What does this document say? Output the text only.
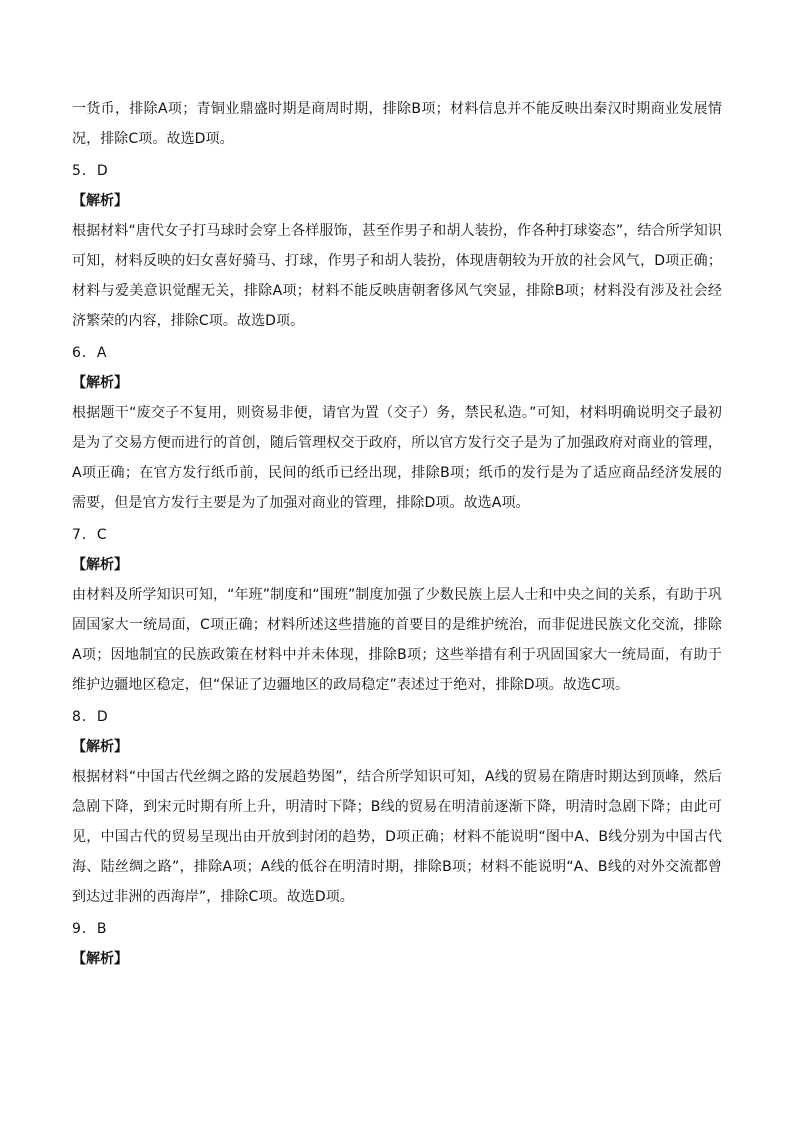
一货币，排除A项；青铜业鼎盛时期是商周时期，排除B项；材料信息并不能反映出秦汉时期商业发展情况，排除C项。故选D项。

5．D

【解析】

根据材料“唐代女子打马球时会穿上各样服饰，甚至作男子和胡人装扮，作各种打球姿态”，结合所学知识可知，材料反映的妇女喜好骑马、打球，作男子和胡人装扮，体现唐朝较为开放的社会风气，D项正确；材料与爱美意识觉醒无关，排除A项；材料不能反映唐朝奢侈风气突显，排除B项；材料没有涉及社会经济繁荣的内容，排除C项。故选D项。

6．A

【解析】

根据题干“废交子不复用，则资易非便，请官为置（交子）务，禁民私造。”可知，材料明确说明交子最初是为了交易方便而进行的首创，随后管理权交于政府，所以官方发行交子是为了加强政府对商业的管理，A项正确；在官方发行纸币前，民间的纸币已经出现，排除B项；纸币的发行是为了适应商品经济发展的需要，但是官方发行主要是为了加强对商业的管理，排除D项。故选A项。

7．C

【解析】

由材料及所学知识可知，“年班”制度和“围班”制度加强了少数民族上层人士和中央之间的关系，有助于巩固国家大一统局面，C项正确；材料所述这些措施的首要目的是维护统治，而非促进民族文化交流，排除A项；因地制宜的民族政策在材料中并未体现，排除B项；这些举措有利于巩固国家大一统局面，有助于维护边疆地区稳定，但“保证了边疆地区的政局稳定”表述过于绝对，排除D项。故选C项。

8．D

【解析】

根据材料“中国古代丝绸之路的发展趋势图”，结合所学知识可知，A线的贸易在隋唐时期达到顶峰，然后急剧下降，到宋元时期有所上升，明清时下降；B线的贸易在明清前逐渐下降，明清时急剧下降；由此可见，中国古代的贸易呈现出由开放到封闭的趋势，D项正确；材料不能说明“图中A、B线分别为中国古代海、陆丝绸之路”，排除A项；A线的低谷在明清时期，排除B项；材料不能说明“A、B线的对外交流都曾到达过非洲的西海岸”，排除C项。故选D项。

9．B

【解析】
